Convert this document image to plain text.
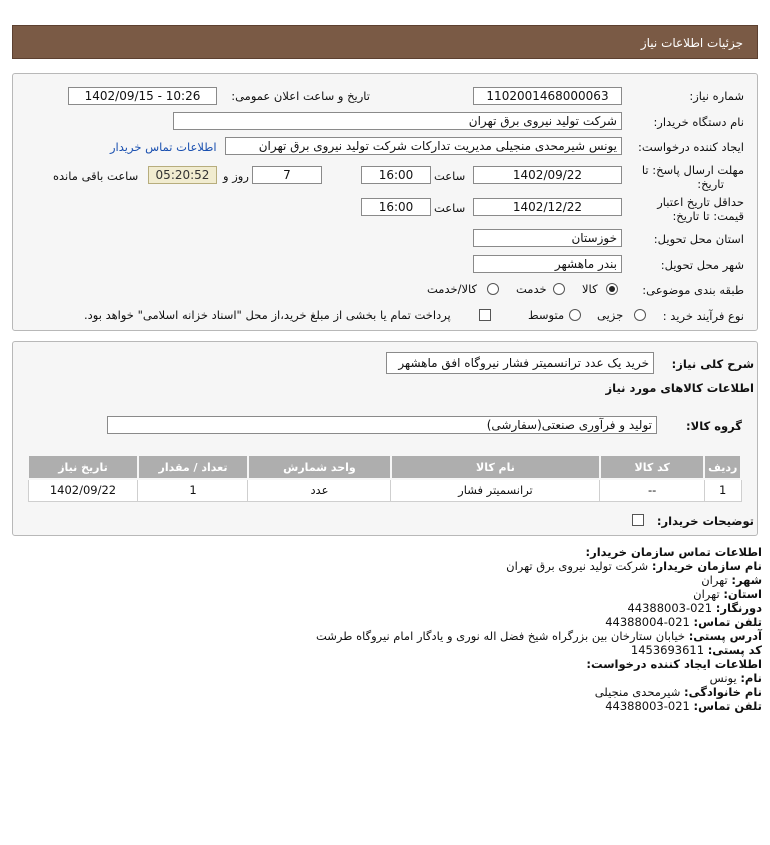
جزئیات اطلاعات نیاز
شماره نیاز:
1102001468000063
تاریخ و ساعت اعلان عمومی:
1402/09/15 - 10:26
نام دستگاه خریدار:
شرکت تولید نیروی برق تهران
ایجاد کننده درخواست:
یونس شیرمحدی منجیلی مدیریت تدارکات شرکت تولید نیروی برق تهران
اطلاعات تماس خریدار
مهلت ارسال پاسخ: تا
تاریخ:
1402/09/22
ساعت
16:00
7
روز و
05:20:52
ساعت باقی مانده
حداقل تاریخ اعتبار
قیمت: تا تاریخ:
1402/12/22
ساعت
16:00
استان محل تحویل:
خوزستان
شهر محل تحویل:
بندر ماهشهر
طبقه بندی موضوعی:
کالا
خدمت
کالا/خدمت
نوع فرآیند خرید :
جزیی
متوسط
پرداخت تمام یا بخشی از مبلغ خرید،از محل "اسناد خزانه اسلامی" خواهد بود.
شرح کلی نیاز:
خرید یک عدد ترانسمیتر فشار نیروگاه افق ماهشهر
اطلاعات کالاهای مورد نیاز
گروه کالا:
تولید و فرآوری صنعتی(سفارشی)
تاریخ نیاز	تعداد / مقدار	واحد شمارش	نام کالا	کد کالا	ردیف
1402/09/22	1	عدد	ترانسمیتر فشار	--	1
توضیحات خریدار:
اطلاعات تماس سازمان خریدار:
نام سازمان خریدار: شرکت تولید نیروی برق تهران
شهر: تهران
استان: تهران
دورنگار: 021-44388003
تلفن تماس: 021-44388004
آدرس پستی: خیابان ستارخان بین بزرگراه شیخ فضل اله نوری و یادگار امام نیروگاه طرشت
کد پستی: 1453693611
اطلاعات ایجاد کننده درخواست:
نام: یونس
نام خانوادگی: شیرمحدی منجیلی
تلفن تماس: 021-44388003
